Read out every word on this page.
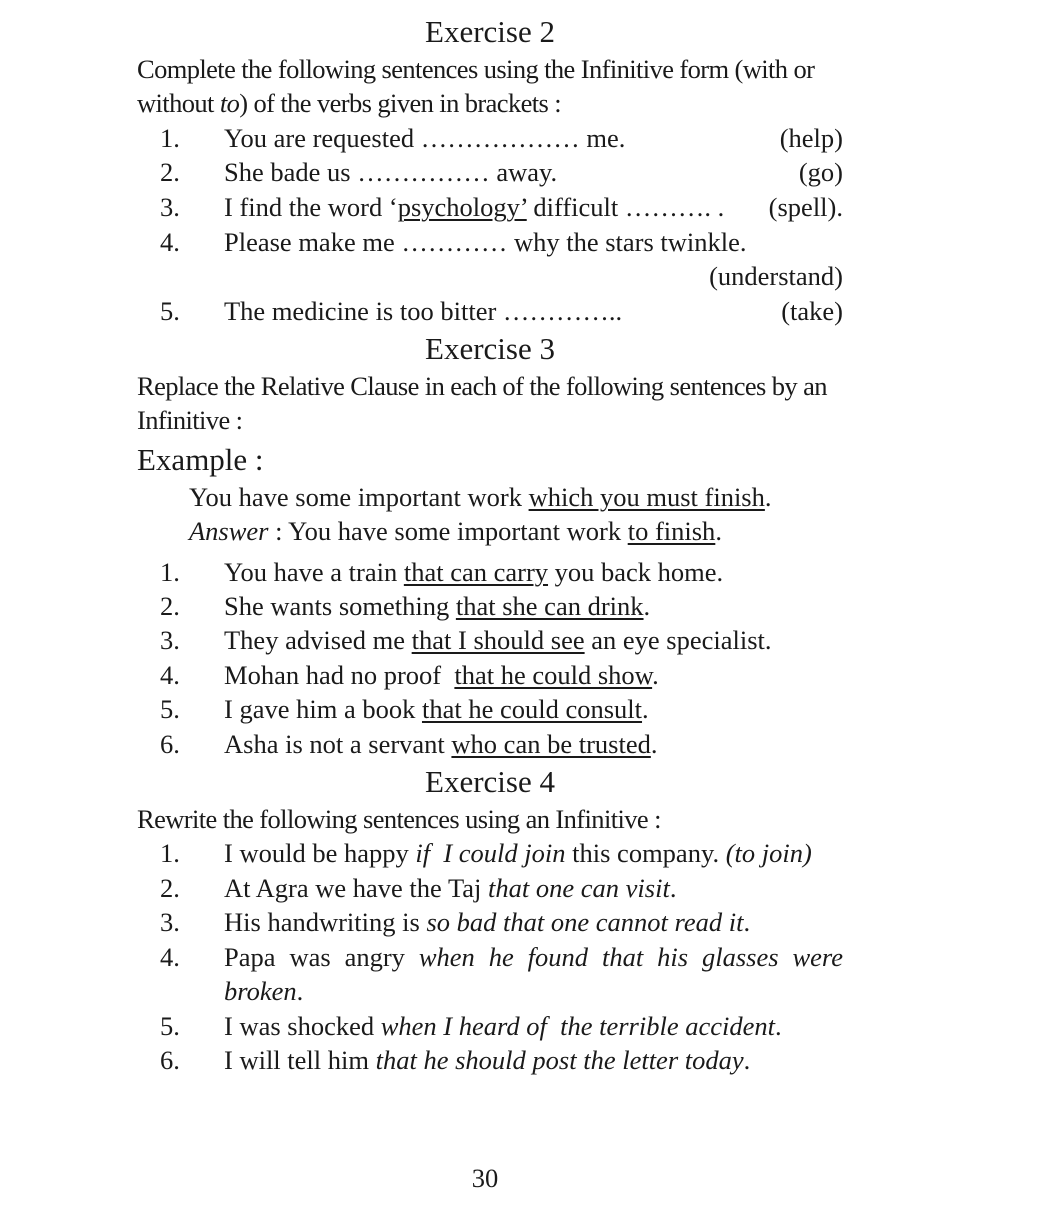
Exercise 2
Complete the following sentences using the Infinitive form (with or without to) of the verbs given in brackets :
1.	You are requested ……………… me.	(help)
2.	She bade us …………… away.	(go)
3.	I find the word ‘psychology’ difficult ………. .	(spell).
4.	Please make me ………… why the stars twinkle.
(understand)
5.	The medicine is too bitter …………..	(take)
Exercise 3
Replace the Relative Clause in each of the following sentences by an Infinitive :
Example :
You have some important work which you must finish.
Answer : You have some important work to finish.
1.	You have a train that can carry you back home.
2.	She wants something that she can drink.
3.	They advised me that I should see an eye specialist.
4.	Mohan had no proof  that he could show.
5.	I gave him a book that he could consult.
6.	Asha is not a servant who can be trusted.
Exercise 4
Rewrite the following sentences using an Infinitive :
1.	I would be happy if  I could join this company. (to join)
2.	At Agra we have the Taj that one can visit.
3.	His handwriting is so bad that one cannot read it.
4.	Papa was angry when he found that his glasses were broken.
5.	I was shocked when I heard of  the terrible accident.
6.	I will tell him that he should post the letter today.
30
